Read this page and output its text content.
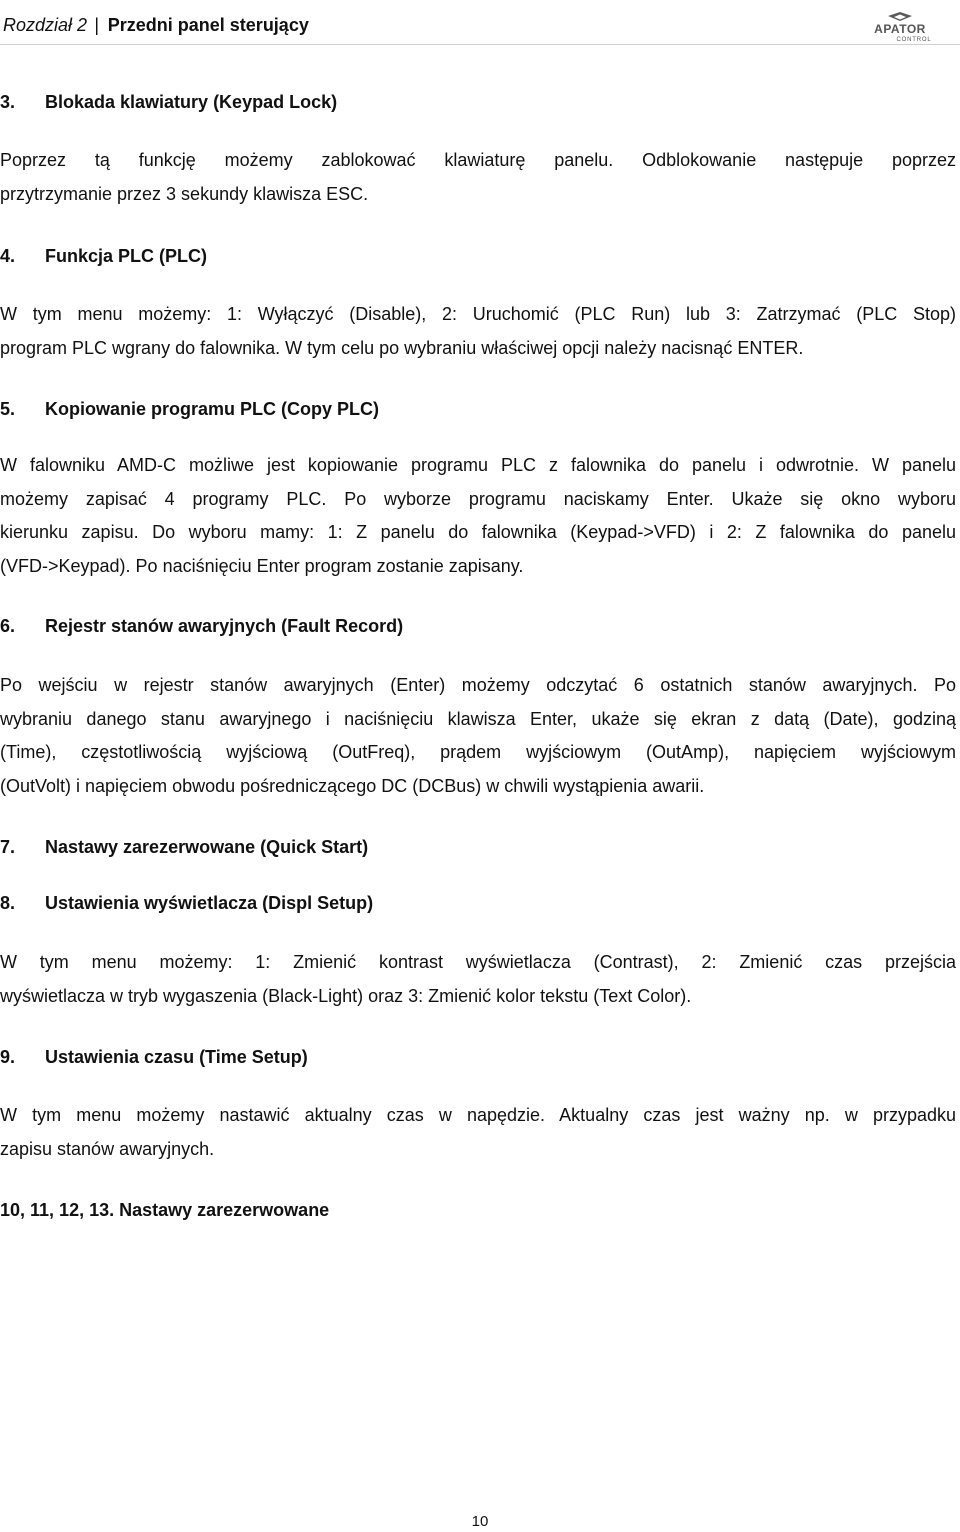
Rozdział 2 | Przedni panel sterujący	APATOR
CONTROL
3. Blokada klawiatury (Keypad Lock)
Poprzez tą funkcję możemy zablokować klawiaturę panelu. Odblokowanie następuje poprzez
przytrzymanie przez 3 sekundy klawisza ESC.
4. Funkcja PLC (PLC)
W tym menu możemy: 1: Wyłączyć (Disable), 2: Uruchomić (PLC Run) lub 3: Zatrzymać (PLC Stop)
program PLC wgrany do falownika. W tym celu po wybraniu właściwej opcji należy nacisnąć ENTER.
5. Kopiowanie programu PLC (Copy PLC)
W falowniku AMD-C możliwe jest kopiowanie programu PLC z falownika do panelu i odwrotnie. W panelu
możemy zapisać 4 programy PLC. Po wyborze programu naciskamy Enter. Ukaże się okno wyboru
kierunku zapisu. Do wyboru mamy: 1: Z panelu do falownika (Keypad->VFD) i 2: Z falownika do panelu
(VFD->Keypad). Po naciśnięciu Enter program zostanie zapisany.
6. Rejestr stanów awaryjnych (Fault Record)
Po wejściu w rejestr stanów awaryjnych (Enter) możemy odczytać 6 ostatnich stanów awaryjnych. Po
wybraniu danego stanu awaryjnego i naciśnięciu klawisza Enter, ukaże się ekran z datą (Date), godziną
(Time), częstotliwością wyjściową (OutFreq), prądem wyjściowym (OutAmp), napięciem wyjściowym
(OutVolt) i napięciem obwodu pośredniczącego DC (DCBus) w chwili wystąpienia awarii.
7. Nastawy zarezerwowane (Quick Start)
8. Ustawienia wyświetlacza (Displ Setup)
W tym menu możemy: 1: Zmienić kontrast wyświetlacza (Contrast), 2: Zmienić czas przejścia
wyświetlacza w tryb wygaszenia (Black-Light) oraz 3: Zmienić kolor tekstu (Text Color).
9. Ustawienia czasu (Time Setup)
W tym menu możemy nastawić aktualny czas w napędzie. Aktualny czas jest ważny np. w przypadku
zapisu stanów awaryjnych.
10, 11, 12, 13. Nastawy zarezerwowane
10
